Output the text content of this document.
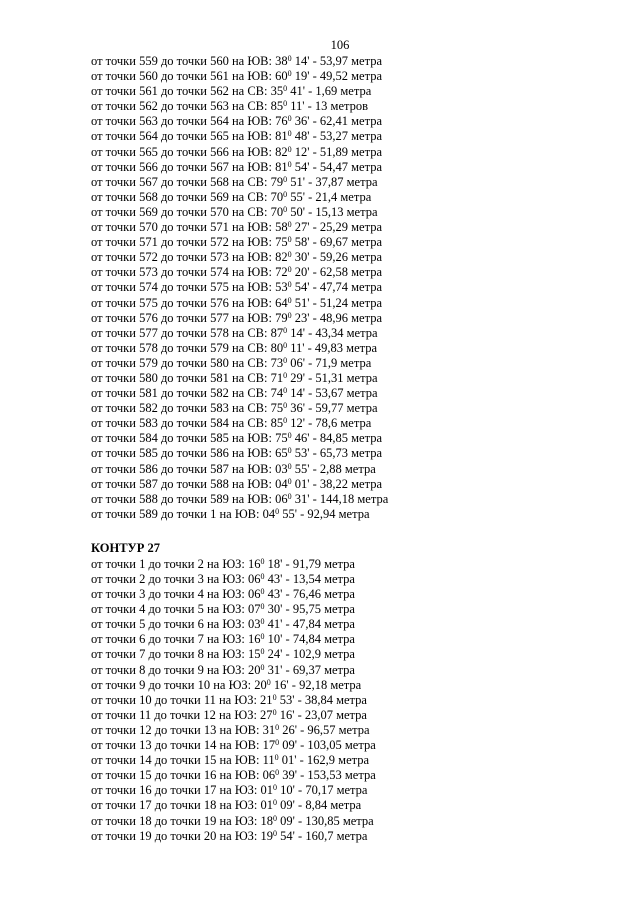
106
от точки 559 до точки 560 на ЮВ: $38^0$ 14' - 53,97 метра
от точки 560 до точки 561 на ЮВ: $60^0$ 19' - 49,52 метра
от точки 561 до точки 562 на СВ: $35^0$ 41' - 1,69 метра
от точки 562 до точки 563 на СВ: $85^0$ 11' - 13 метров
от точки 563 до точки 564 на ЮВ: $76^0$ 36' - 62,41 метра
от точки 564 до точки 565 на ЮВ: $81^0$ 48' - 53,27 метра
от точки 565 до точки 566 на ЮВ: $82^0$ 12' - 51,89 метра
от точки 566 до точки 567 на ЮВ: $81^0$ 54' - 54,47 метра
от точки 567 до точки 568 на СВ: $79^0$ 51' - 37,87 метра
от точки 568 до точки 569 на СВ: $70^0$ 55' - 21,4 метра
от точки 569 до точки 570 на СВ: $70^0$ 50' - 15,13 метра
от точки 570 до точки 571 на ЮВ: $58^0$ 27' - 25,29 метра
от точки 571 до точки 572 на ЮВ: $75^0$ 58' - 69,67 метра
от точки 572 до точки 573 на ЮВ: $82^0$ 30' - 59,26 метра
от точки 573 до точки 574 на ЮВ: $72^0$ 20' - 62,58 метра
от точки 574 до точки 575 на ЮВ: $53^0$ 54' - 47,74 метра
от точки 575 до точки 576 на ЮВ: $64^0$ 51' - 51,24 метра
от точки 576 до точки 577 на ЮВ: $79^0$ 23' - 48,96 метра
от точки 577 до точки 578 на СВ: $87^0$ 14' - 43,34 метра
от точки 578 до точки 579 на СВ: $80^0$ 11' - 49,83 метра
от точки 579 до точки 580 на СВ: $73^0$ 06' - 71,9 метра
от точки 580 до точки 581 на СВ: $71^0$ 29' - 51,31 метра
от точки 581 до точки 582 на СВ: $74^0$ 14' - 53,67 метра
от точки 582 до точки 583 на СВ: $75^0$ 36' - 59,77 метра
от точки 583 до точки 584 на СВ: $85^0$ 12' - 78,6 метра
от точки 584 до точки 585 на ЮВ: $75^0$ 46' - 84,85 метра
от точки 585 до точки 586 на ЮВ: $65^0$ 53' - 65,73 метра
от точки 586 до точки 587 на ЮВ: $03^0$ 55' - 2,88 метра
от точки 587 до точки 588 на ЮВ: $04^0$ 01' - 38,22 метра
от точки 588 до точки 589 на ЮВ: $06^0$ 31' - 144,18 метра
от точки 589 до точки 1 на ЮВ: $04^0$ 55' - 92,94 метра
КОНТУР 27
от точки 1 до точки 2 на ЮЗ: $16^0$ 18' - 91,79 метра
от точки 2 до точки 3 на ЮЗ: $06^0$ 43' - 13,54 метра
от точки 3 до точки 4 на ЮЗ: $06^0$ 43' - 76,46 метра
от точки 4 до точки 5 на ЮЗ: $07^0$ 30' - 95,75 метра
от точки 5 до точки 6 на ЮЗ: $03^0$ 41' - 47,84 метра
от точки 6 до точки 7 на ЮЗ: $16^0$ 10' - 74,84 метра
от точки 7 до точки 8 на ЮЗ: $15^0$ 24' - 102,9 метра
от точки 8 до точки 9 на ЮЗ: $20^0$ 31' - 69,37 метра
от точки 9 до точки 10 на ЮЗ: $20^0$ 16' - 92,18 метра
от точки 10 до точки 11 на ЮЗ: $21^0$ 53' - 38,84 метра
от точки 11 до точки 12 на ЮЗ: $27^0$ 16' - 23,07 метра
от точки 12 до точки 13 на ЮВ: $31^0$ 26' - 96,57 метра
от точки 13 до точки 14 на ЮВ: $17^0$ 09' - 103,05 метра
от точки 14 до точки 15 на ЮВ: $11^0$ 01' - 162,9 метра
от точки 15 до точки 16 на ЮВ: $06^0$ 39' - 153,53 метра
от точки 16 до точки 17 на ЮЗ: $01^0$ 10' - 70,17 метра
от точки 17 до точки 18 на ЮЗ: $01^0$ 09' - 8,84 метра
от точки 18 до точки 19 на ЮЗ: $18^0$ 09' - 130,85 метра
от точки 19 до точки 20 на ЮЗ: $19^0$ 54' - 160,7 метра
